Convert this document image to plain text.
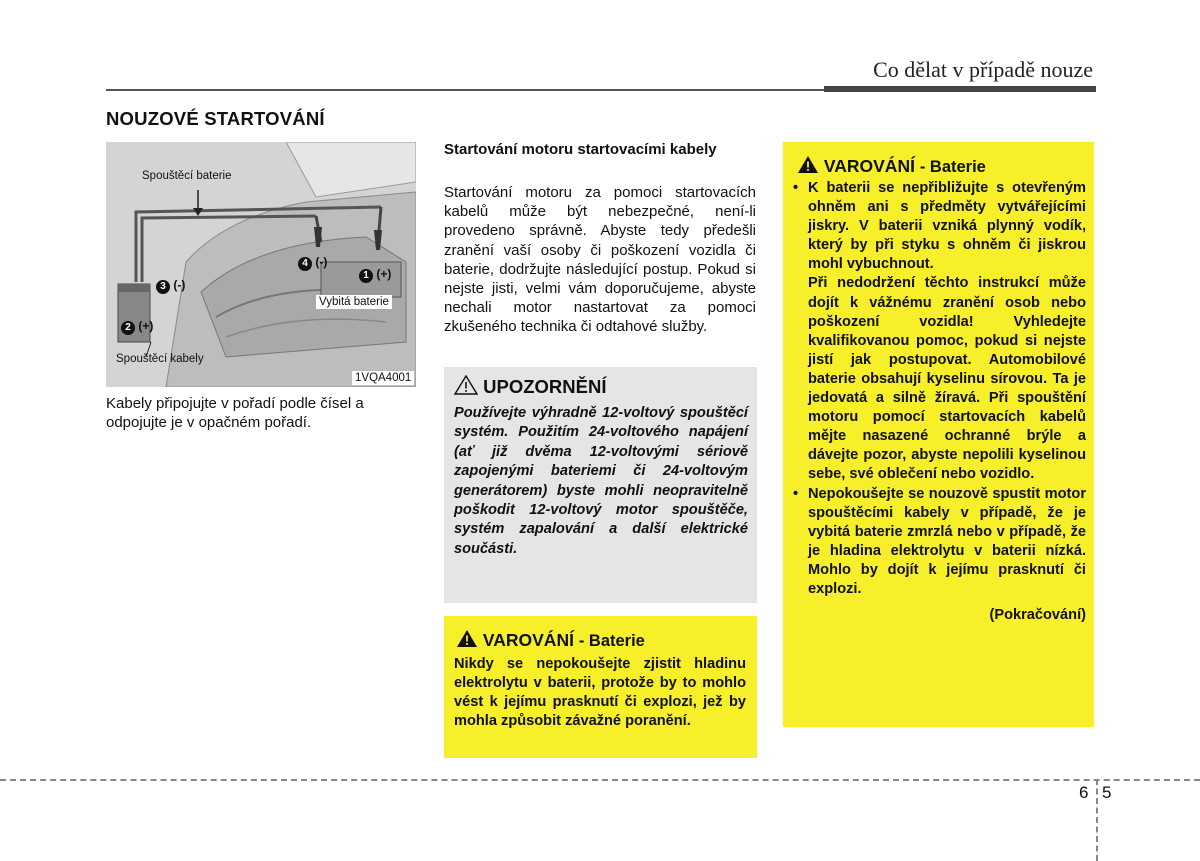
Co dělat v případě nouze
NOUZOVÉ STARTOVÁNÍ
Spouštěcí baterie
Vybitá baterie
Spouštěcí kabely
1VQA4001
1 (+)
2 (+)
3 (-)
4 (-)
Kabely připojujte v pořadí podle čísel a odpojujte je v opačném pořadí.
Startování motoru startovacími kabely
Startování motoru za pomoci startovacích kabelů může být nebezpečné, není-li provedeno správně. Abyste tedy předešli zranění vaší osoby či poškození vozidla či baterie, dodržujte následující postup. Pokud si nejste jisti, velmi vám doporučujeme, abyste nechali motor nastartovat za pomoci zkušeného technika či odtahové služby.
UPOZORNĚNÍ
Používejte výhradně 12-voltový spouštěcí systém. Použitím 24-voltového napájení (ať již dvěma 12-voltovými sériově zapojenými bateriemi či 24-voltovým generátorem) byste mohli neopravitelně poškodit 12-voltový motor spouštěče, systém zapalování a další elektrické součásti.
VAROVÁNÍ - Baterie
Nikdy se nepokoušejte zjistit hladinu elektrolytu v baterii, protože by to mohlo vést k jejímu prasknutí či explozi, jež by mohla způsobit závažné poranění.
VAROVÁNÍ - Baterie
• K baterii se nepřibližujte s otevřeným ohněm ani s předměty vytvářejícími jiskry. V baterii vzniká plynný vodík, který by při styku s ohněm či jiskrou mohl vybuchnout.
Při nedodržení těchto instrukcí může dojít k vážnému zranění osob nebo poškození vozidla! Vyhledejte kvalifikovanou pomoc, pokud si nejste jistí jak postupovat. Automobilové baterie obsahují kyselinu sírovou. Ta je jedovatá a silně žíravá. Při spouštění motoru pomocí startovacích kabelů mějte nasazené ochranné brýle a dávejte pozor, abyste nepolili kyselinou sebe, své oblečení nebo vozidlo.
• Nepokoušejte se nouzově spustit motor spouštěcími kabely v případě, že je vybitá baterie zmrzlá nebo v případě, že je hladina elektrolytu v baterii nízká. Mohlo by dojít k jejímu prasknutí či explozi.
(Pokračování)
6 5
